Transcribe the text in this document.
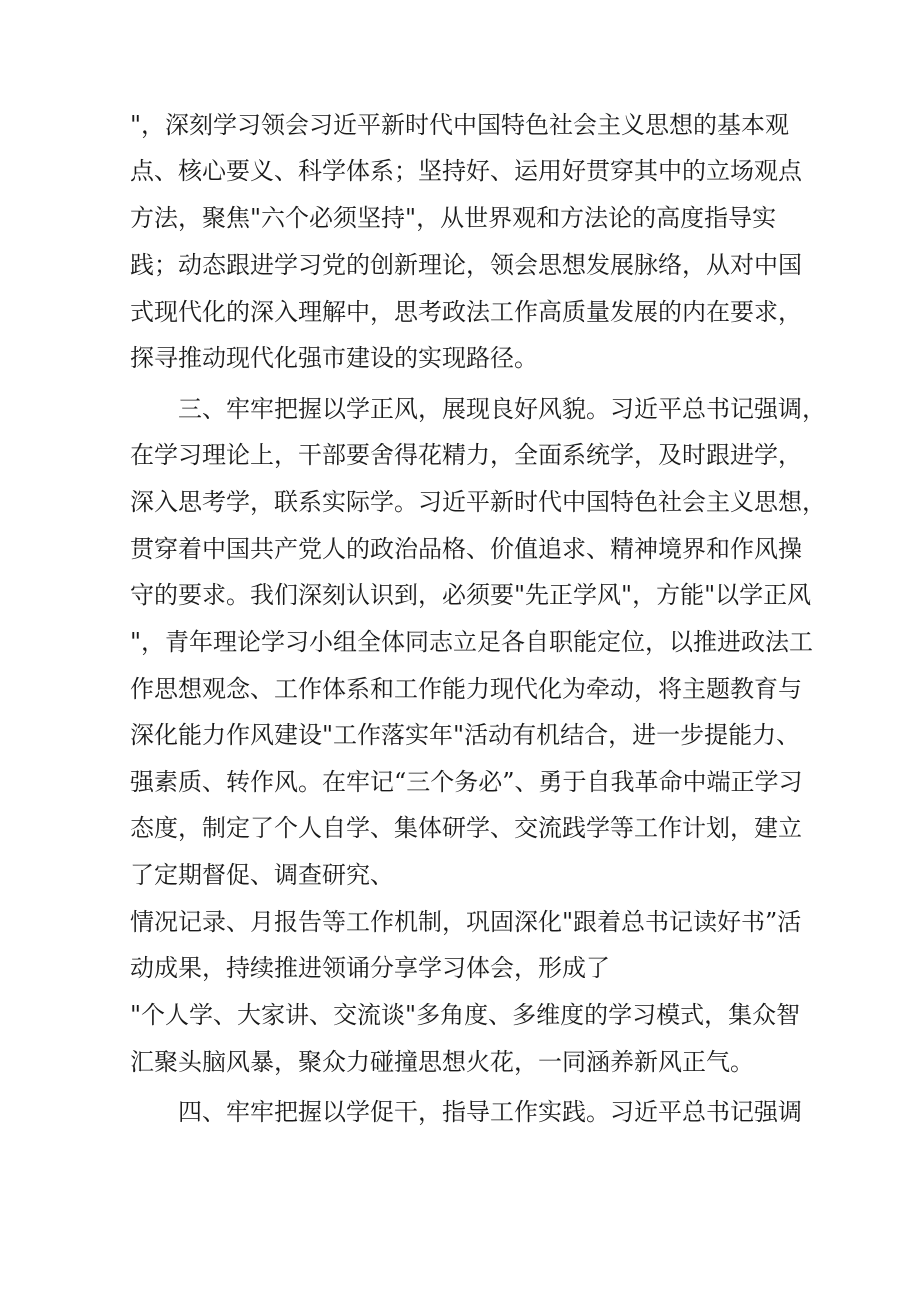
"，深刻学习领会习近平新时代中国特色社会主义思想的基本观
点、核心要义、科学体系；坚持好、运用好贯穿其中的立场观点
方法，聚焦"六个必须坚持"，从世界观和方法论的高度指导实
践；动态跟进学习党的创新理论，领会思想发展脉络，从对中国
式现代化的深入理解中，思考政法工作高质量发展的内在要求，
探寻推动现代化强市建设的实现路径。
三、牢牢把握以学正风，展现良好风貌。习近平总书记强调，
在学习理论上，干部要舍得花精力，全面系统学，及时跟进学，
深入思考学，联系实际学。习近平新时代中国特色社会主义思想，
贯穿着中国共产党人的政治品格、价值追求、精神境界和作风操
守的要求。我们深刻认识到，必须要"先正学风"，方能"以学正风
"，青年理论学习小组全体同志立足各自职能定位，以推进政法工
作思想观念、工作体系和工作能力现代化为牵动，将主题教育与
深化能力作风建设"工作落实年"活动有机结合，进一步提能力、
强素质、转作风。在牢记“三个务必”、勇于自我革命中端正学习
态度，制定了个人自学、集体研学、交流践学等工作计划，建立
了定期督促、调查研究、
情况记录、月报告等工作机制，巩固深化"跟着总书记读好书”活
动成果，持续推进领诵分享学习体会，形成了
"个人学、大家讲、交流谈"多角度、多维度的学习模式，集众智
汇聚头脑风暴，聚众力碰撞思想火花，一同涵养新风正气。
四、牢牢把握以学促干，指导工作实践。习近平总书记强调
